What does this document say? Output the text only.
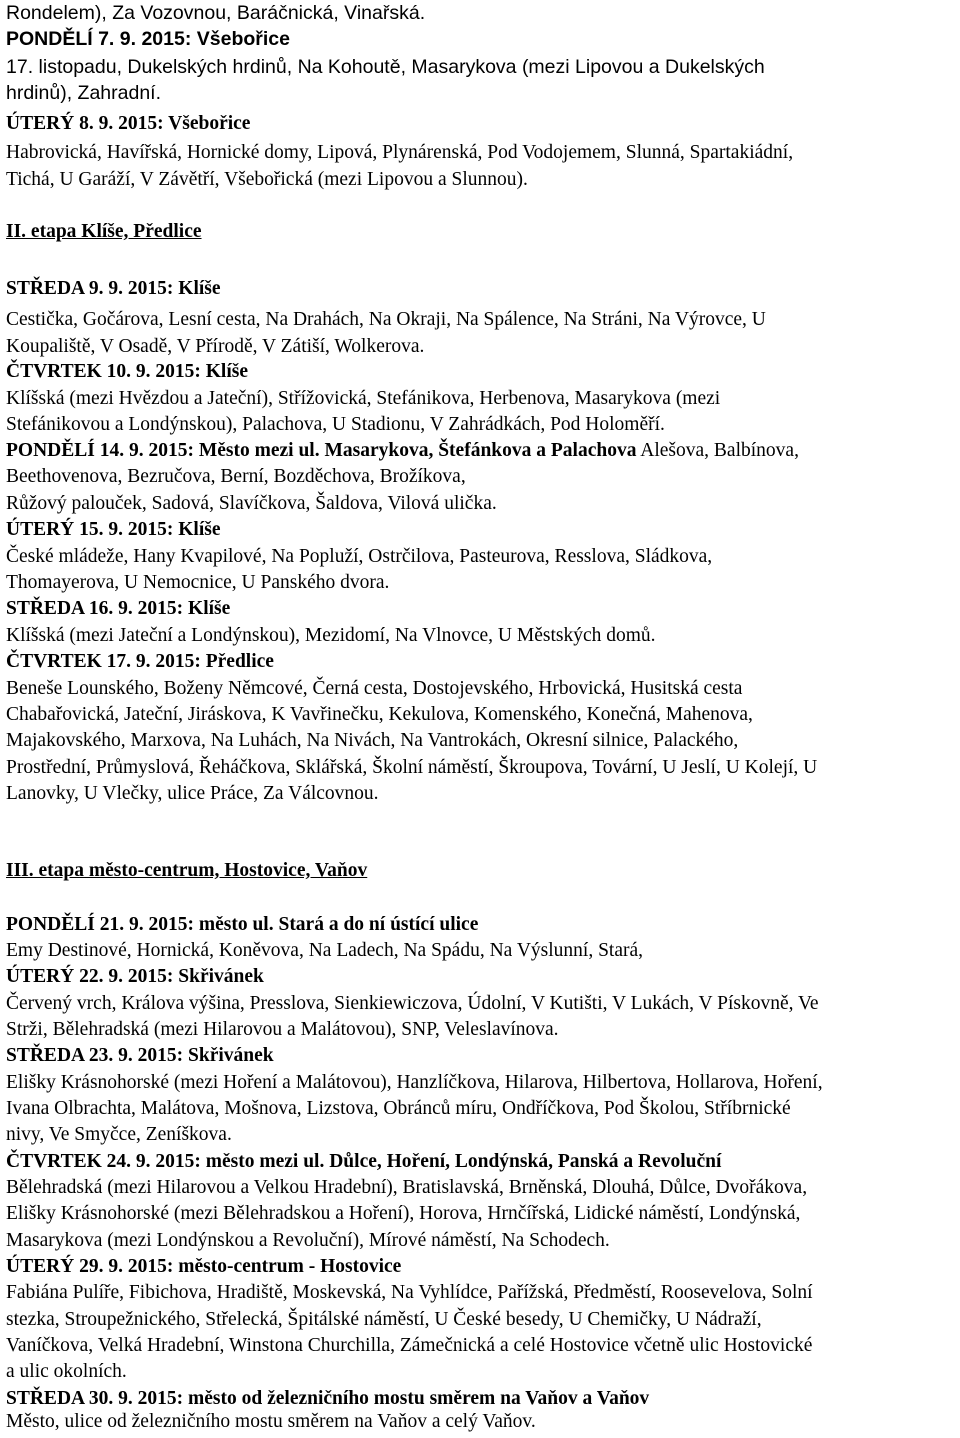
Rondelem), Za Vozovnou, Baráčnická, Vinařská.
PONDĚLÍ 7. 9. 2015: Všebořice
17. listopadu, Dukelských hrdinů, Na Kohoutě, Masarykova (mezi Lipovou a Dukelských
hrdinů), Zahradní.
ÚTERÝ 8. 9. 2015: Všebořice
Habrovická, Havířská, Hornické domy, Lipová, Plynárenská, Pod Vodojemem, Slunná, Spartakiádní,
Tichá, U Garáží, V Závětří, Všebořická (mezi Lipovou a Slunnou).
II. etapa Klíše, Předlice
STŘEDA 9. 9. 2015: Klíše
Cestička, Gočárova, Lesní cesta, Na Drahách, Na Okraji, Na Spálence, Na Stráni, Na Výrovce, U
Koupaliště, V Osadě, V Přírodě, V Zátiší, Wolkerova.
ČTVRTEK 10. 9. 2015: Klíše
Klíšská (mezi Hvězdou a Jateční), Střížovická, Stefánikova, Herbenova, Masarykova (mezi
Stefánikovou a Londýnskou), Palachova, U Stadionu, V Zahrádkách, Pod Holoměří.
PONDĚLÍ 14. 9. 2015: Město mezi ul. Masarykova, Štefánkova a Palachova Alešova, Balbínova,
Beethovenova, Bezručova, Berní, Bozděchova, Brožíkova,
Růžový palouček, Sadová, Slavíčkova, Šaldova, Vilová ulička.
ÚTERÝ 15. 9. 2015: Klíše
České mládeže, Hany Kvapilové, Na Popluží, Ostrčilova, Pasteurova, Resslova, Sládkova,
Thomayerova, U Nemocnice, U Panského dvora.
STŘEDA 16. 9. 2015: Klíše
Klíšská (mezi Jateční a Londýnskou), Mezidomí, Na Vlnovce, U Městských domů.
ČTVRTEK 17. 9. 2015: Předlice
Beneše Lounského, Boženy Němcové, Černá cesta, Dostojevského, Hrbovická, Husitská cesta
Chabařovická, Jateční, Jiráskova, K Vavřinečku, Kekulova, Komenského, Konečná, Mahenova,
Majakovského, Marxova, Na Luhách, Na Nivách, Na Vantrokách, Okresní silnice, Palackého,
Prostřední, Průmyslová, Řeháčkova, Sklářská, Školní náměstí, Škroupova, Tovární, U Jeslí, U Kolejí, U
Lanovky, U Vlečky, ulice Práce, Za Válcovnou.
III. etapa město-centrum, Hostovice, Vaňov
PONDĚLÍ 21. 9. 2015: město ul. Stará a do ní ústící ulice
Emy Destinové, Hornická, Koněvova, Na Ladech, Na Spádu, Na Výslunní, Stará,
ÚTERÝ 22. 9. 2015: Skřivánek
Červený vrch, Králova výšina, Presslova, Sienkiewiczova, Údolní, V Kutišti, V Lukách, V Pískovně, Ve
Strži, Bělehradská (mezi Hilarovou a Malátovou), SNP, Veleslavínova.
STŘEDA 23. 9. 2015: Skřivánek
Elišky Krásnohorské (mezi Hoření a Malátovou), Hanzlíčkova, Hilarova, Hilbertova, Hollarova, Hoření,
Ivana Olbrachta, Malátova, Mošnova, Lizstova, Obránců míru, Ondříčkova, Pod Školou, Stříbrnické
nivy, Ve Smyčce, Zeníškova.
ČTVRTEK 24. 9. 2015: město mezi ul. Důlce, Hoření, Londýnská, Panská a Revoluční
Bělehradská (mezi Hilarovou a Velkou Hradební), Bratislavská, Brněnská, Dlouhá, Důlce, Dvořákova,
Elišky Krásnohorské (mezi Bělehradskou a Hoření), Horova, Hrnčířská, Lidické náměstí, Londýnská,
Masarykova (mezi Londýnskou a Revoluční), Mírové náměstí, Na Schodech.
ÚTERÝ 29. 9. 2015: město-centrum - Hostovice
Fabiána Pulíře, Fibichova, Hradiště, Moskevská, Na Vyhlídce, Pařížská, Předměstí, Roosevelova, Solní
stezka, Stroupežnického, Střelecká, Špitálské náměstí, U České besedy, U Chemičky, U Nádraží,
Vaníčkova, Velká Hradební, Winstona Churchilla, Zámečnická a celé Hostovice včetně ulic Hostovické
a ulic okolních.
STŘEDA 30. 9. 2015: město od železničního mostu směrem na Vaňov a Vaňov
Město, ulice od železničního mostu směrem na Vaňov a celý Vaňov.
